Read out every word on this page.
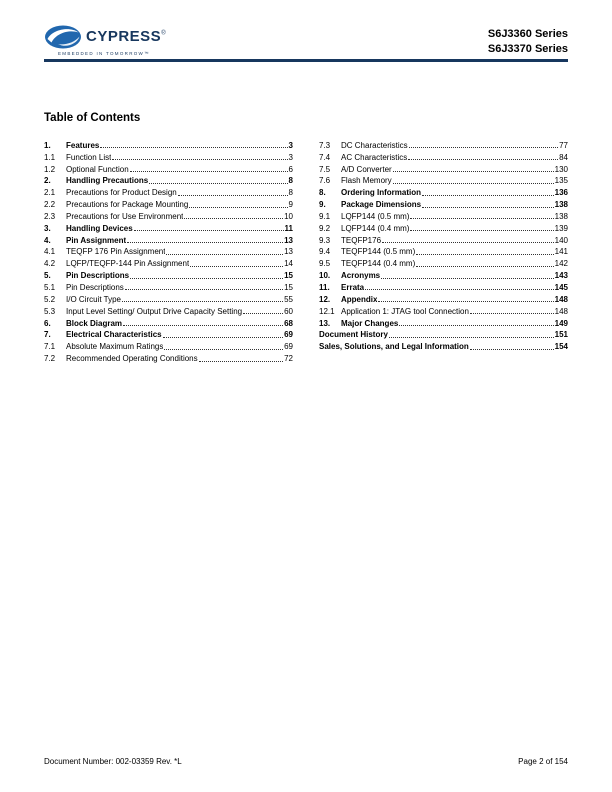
CYPRESS®
EMBEDDED IN TOMORROW™
S6J3360 Series
S6J3370 Series
Table of Contents
1.	Features	3
1.1	Function List	3
1.2	Optional Function	6
2.	Handling Precautions	8
2.1	Precautions for Product Design	8
2.2	Precautions for Package Mounting	9
2.3	Precautions for Use Environment	10
3.	Handling Devices	11
4.	Pin Assignment	13
4.1	TEQFP 176 Pin Assignment	13
4.2	LQFP/TEQFP-144 Pin Assignment	14
5.	Pin Descriptions	15
5.1	Pin Descriptions	15
5.2	I/O Circuit Type	55
5.3	Input Level Setting/ Output Drive Capacity Setting	60
6.	Block Diagram	68
7.	Electrical Characteristics	69
7.1	Absolute Maximum Ratings	69
7.2	Recommended Operating Conditions	72
7.3	DC Characteristics	77
7.4	AC Characteristics	84
7.5	A/D Converter	130
7.6	Flash Memory	135
8.	Ordering Information	136
9.	Package Dimensions	138
9.1	LQFP144 (0.5 mm)	138
9.2	LQFP144 (0.4 mm)	139
9.3	TEQFP176	140
9.4	TEQFP144 (0.5 mm)	141
9.5	TEQFP144 (0.4 mm)	142
10.	Acronyms	143
11.	Errata	145
12.	Appendix	148
12.1 Application 1: JTAG tool Connection	148
13.	Major Changes	149
Document History	151
Sales, Solutions, and Legal Information	154
Document Number: 002-03359 Rev. *L	Page 2 of 154
